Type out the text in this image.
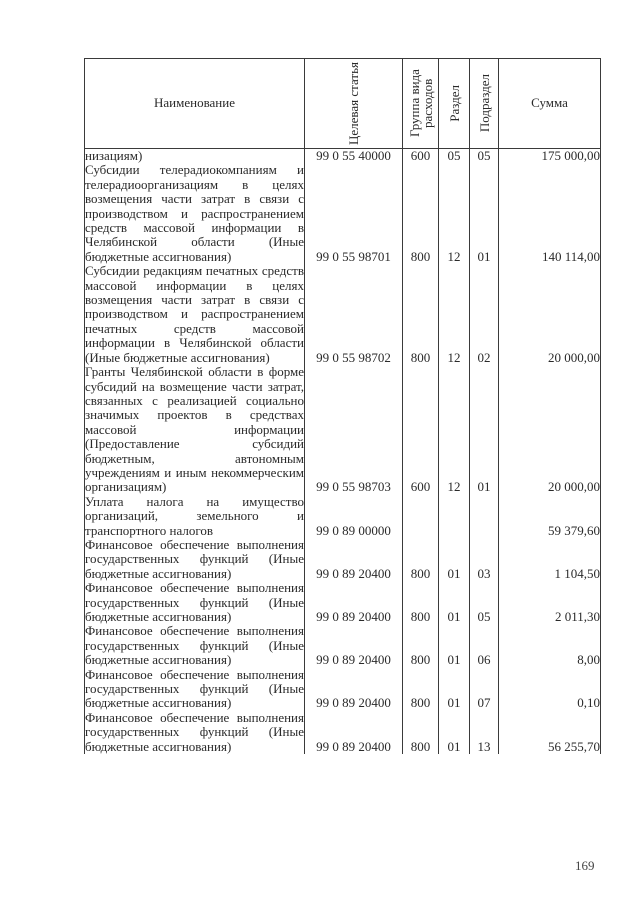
Наименование	Целевая статья	Группа вида расходов	Раздел	Подраздел	Сумма
низациям)	99 0 55 40000	600	05	05	175 000,00
Субсидии телерадиокомпаниям и телерадиоорганизациям в целях возмещения части затрат в связи с производством и распространением средств массовой информации в Челябинской области (Иные бюджетные ассигнования)	99 0 55 98701	800	12	01	140 114,00
Субсидии редакциям печатных средств массовой информации в целях возмещения части затрат в связи с производством и распространением печатных средств массовой информации в Челябинской области (Иные бюджетные ассигнования)	99 0 55 98702	800	12	02	20 000,00
Гранты Челябинской области в форме субсидий на возмещение части затрат, связанных с реализацией социально значимых проектов в средствах массовой информации (Предоставление субсидий бюджетным, автономным учреждениям и иным некоммерческим организациям)	99 0 55 98703	600	12	01	20 000,00
Уплата налога на имущество организаций, земельного и транспортного налогов	99 0 89 00000				59 379,60
Финансовое обеспечение выполнения государственных функций (Иные бюджетные ассигнования)	99 0 89 20400	800	01	03	1 104,50
Финансовое обеспечение выполнения государственных функций (Иные бюджетные ассигнования)	99 0 89 20400	800	01	05	2 011,30
Финансовое обеспечение выполнения государственных функций (Иные бюджетные ассигнования)	99 0 89 20400	800	01	06	8,00
Финансовое обеспечение выполнения государственных функций (Иные бюджетные ассигнования)	99 0 89 20400	800	01	07	0,10
Финансовое обеспечение выполнения государственных функций (Иные бюджетные ассигнования)	99 0 89 20400	800	01	13	56 255,70
169
